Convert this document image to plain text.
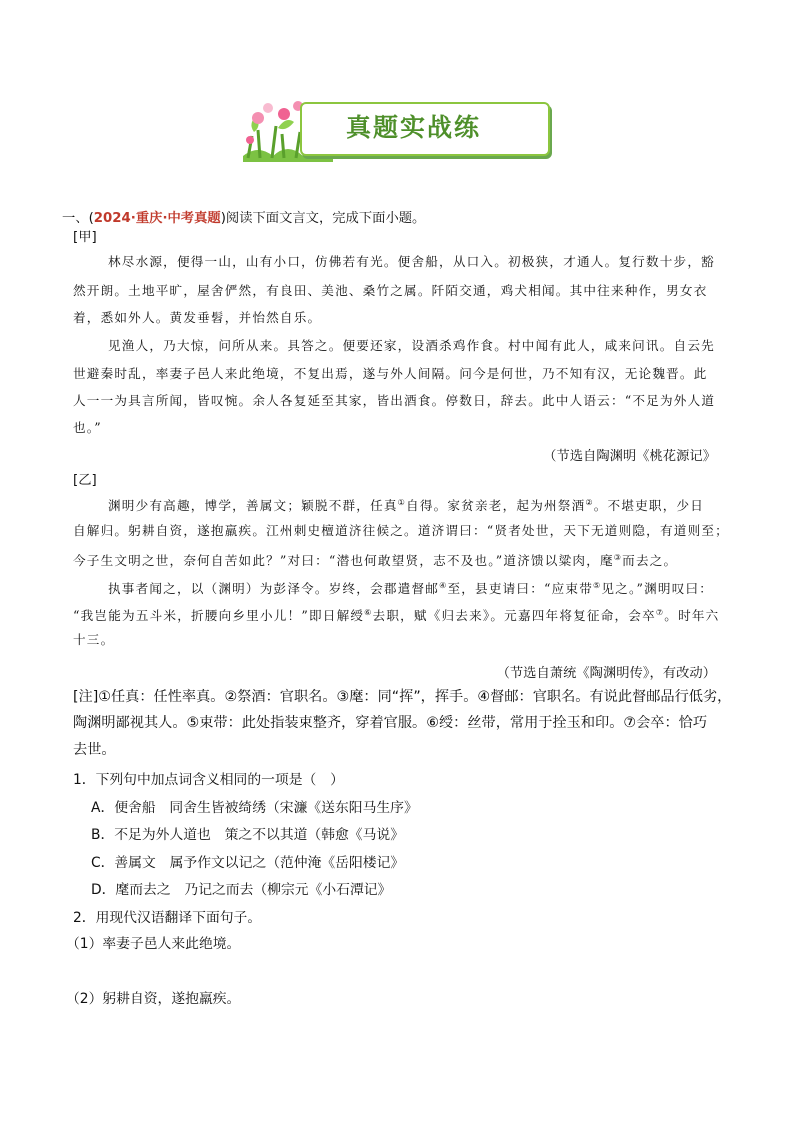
真题实战练
一、(2024·重庆·中考真题)阅读下面文言文，完成下面小题。
[甲]
林尽水源，便得一山，山有小口，仿佛若有光。便舍船，从口入。初极狭，才通人。复行数十步，豁
然开朗。土地平旷，屋舍俨然，有良田、美池、桑竹之属。阡陌交通，鸡犬相闻。其中往来种作，男女衣
着，悉如外人。黄发垂髫，并怡然自乐。
见渔人，乃大惊，问所从来。具答之。便要还家，设酒杀鸡作食。村中闻有此人，咸来问讯。自云先
世避秦时乱，率妻子邑人来此绝境，不复出焉，遂与外人间隔。问今是何世，乃不知有汉，无论魏晋。此
人一一为具言所闻，皆叹惋。余人各复延至其家，皆出酒食。停数日，辞去。此中人语云：“不足为外人道
也。”
（节选自陶渊明《桃花源记》
[乙]
渊明少有高趣，博学，善属文；颖脱不群，任真①自得。家贫亲老，起为州祭酒②。不堪吏职，少日
自解归。躬耕自资，遂抱羸疾。江州刺史檀道济往候之。道济谓曰：“贤者处世，天下无道则隐，有道则至；
今子生文明之世，奈何自苦如此？”对曰：“潜也何敢望贤，志不及也。”道济馈以粱肉，麾③而去之。
执事者闻之，以（渊明）为彭泽令。岁终，会郡遣督邮④至，县吏请曰：“应束带⑤见之。”渊明叹曰：
“我岂能为五斗米，折腰向乡里小儿！”即日解绶⑥去职，赋《归去来》。元嘉四年将复征命，会卒⑦。时年六
十三。
（节选自萧统《陶渊明传》，有改动）
[注]①任真：任性率真。②祭酒：官职名。③麾：同“挥”，挥手。④督邮：官职名。有说此督邮品行低劣，
陶渊明鄙视其人。⑤束带：此处指装束整齐，穿着官服。⑥绶：丝带，常用于拴玉和印。⑦会卒：恰巧
去世。
1．下列句中加点词含义相同的一项是（　）
A．便舍船　同舍生皆被绮绣（宋濂《送东阳马生序》
B．不足为外人道也　策之不以其道（韩愈《马说》
C．善属文　属予作文以记之（范仲淹《岳阳楼记》
D．麾而去之　乃记之而去（柳宗元《小石潭记》
2．用现代汉语翻译下面句子。
（1）率妻子邑人来此绝境。
（2）躬耕自资，遂抱羸疾。
